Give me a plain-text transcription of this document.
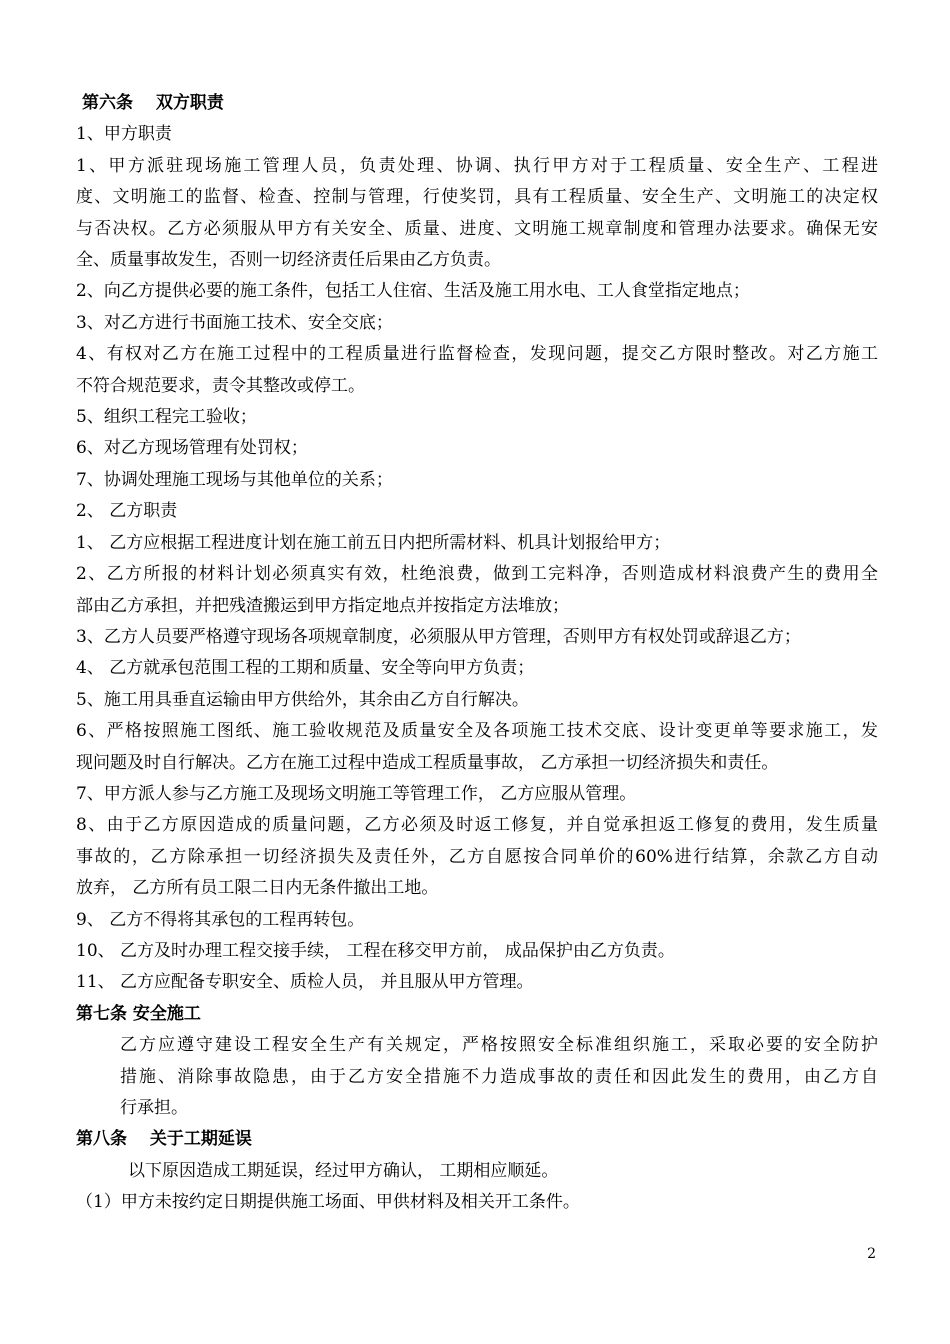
第六条　 双方职责

1、甲方职责

1、甲方派驻现场施工管理人员，负责处理、协调、执行甲方对于工程质量、安全生产、工程进

度、文明施工的监督、检查、控制与管理，行使奖罚，具有工程质量、安全生产、文明施工的决定权

与否决权。乙方必须服从甲方有关安全、质量、进度、文明施工规章制度和管理办法要求。确保无安

全、质量事故发生，否则一切经济责任后果由乙方负责。

2、向乙方提供必要的施工条件，包括工人住宿、生活及施工用水电、工人食堂指定地点；

3、对乙方进行书面施工技术、安全交底；

4、有权对乙方在施工过程中的工程质量进行监督检查，发现问题，提交乙方限时整改。对乙方施工

不符合规范要求，责令其整改或停工。

5、组织工程完工验收；

6、对乙方现场管理有处罚权；

7、协调处理施工现场与其他单位的关系；

2、 乙方职责

1、 乙方应根据工程进度计划在施工前五日内把所需材料、机具计划报给甲方；

2、乙方所报的材料计划必须真实有效，杜绝浪费，做到工完料净，否则造成材料浪费产生的费用全

部由乙方承担，并把残渣搬运到甲方指定地点并按指定方法堆放；

3、乙方人员要严格遵守现场各项规章制度，必须服从甲方管理，否则甲方有权处罚或辞退乙方；

4、 乙方就承包范围工程的工期和质量、安全等向甲方负责；

5、施工用具垂直运输由甲方供给外，其余由乙方自行解决。

6、严格按照施工图纸、施工验收规范及质量安全及各项施工技术交底、设计变更单等要求施工，发

现问题及时自行解决。乙方在施工过程中造成工程质量事故， 乙方承担一切经济损失和责任。

7、甲方派人参与乙方施工及现场文明施工等管理工作， 乙方应服从管理。

8、由于乙方原因造成的质量问题，乙方必须及时返工修复，并自觉承担返工修复的费用，发生质量

事故的，乙方除承担一切经济损失及责任外，乙方自愿按合同单价的60%进行结算，余款乙方自动

放弃， 乙方所有员工限二日内无条件撤出工地。

9、 乙方不得将其承包的工程再转包。

10、 乙方及时办理工程交接手续， 工程在移交甲方前， 成品保护由乙方负责。

11、 乙方应配备专职安全、质检人员， 并且服从甲方管理。

第七条 安全施工

乙方应遵守建设工程安全生产有关规定，严格按照安全标准组织施工，采取必要的安全防护

措施、消除事故隐患，由于乙方安全措施不力造成事故的责任和因此发生的费用，由乙方自

行承担。

第八条　 关于工期延误

以下原因造成工期延误，经过甲方确认， 工期相应顺延。

（1）甲方未按约定日期提供施工场面、甲供材料及相关开工条件。

2
